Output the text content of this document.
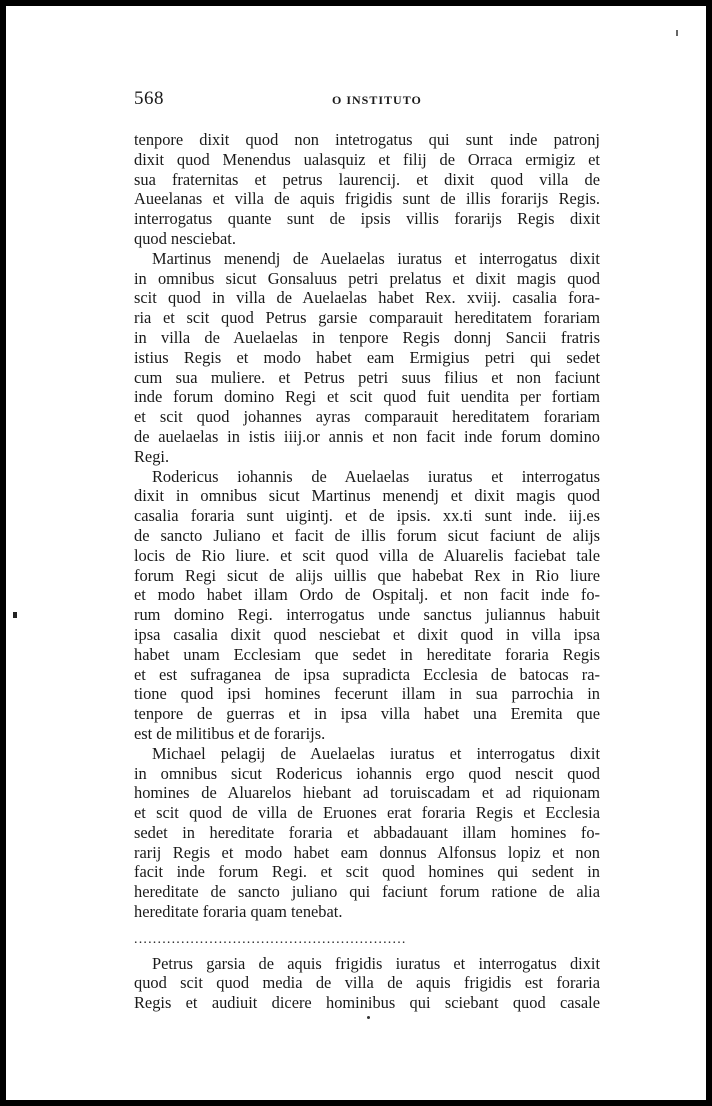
568	O INSTITUTO
tenpore dixit quod non intetrogatus qui sunt inde patronj
dixit quod Menendus ualasquiz et filij de Orraca ermigiz et
sua fraternitas et petrus laurencij. et dixit quod villa de
Aueelanas et villa de aquis frigidis sunt de illis forarijs Regis.
interrogatus quante sunt de ipsis villis forarijs Regis dixit
quod nesciebat.
Martinus menendj de Auelaelas iuratus et interrogatus dixit
in omnibus sicut Gonsaluus petri prelatus et dixit magis quod
scit quod in villa de Auelaelas habet Rex. xviij. casalia fora-
ria et scit quod Petrus garsie comparauit hereditatem forariam
in villa de Auelaelas in tenpore Regis donnj Sancii fratris
istius Regis et modo habet eam Ermigius petri qui sedet
cum sua muliere. et Petrus petri suus filius et non faciunt
inde forum domino Regi et scit quod fuit uendita per fortiam
et scit quod johannes ayras comparauit hereditatem forariam
de auelaelas in istis iiij.or annis et non facit inde forum domino
Regi.
Rodericus iohannis de Auelaelas iuratus et interrogatus
dixit in omnibus sicut Martinus menendj et dixit magis quod
casalia foraria sunt uigintj. et de ipsis. xx.ti sunt inde. iij.es
de sancto Juliano et facit de illis forum sicut faciunt de alijs
locis de Rio liure. et scit quod villa de Aluarelis faciebat tale
forum Regi sicut de alijs uillis que habebat Rex in Rio liure
et modo habet illam Ordo de Ospitalj. et non facit inde fo-
rum domino Regi. interrogatus unde sanctus juliannus habuit
ipsa casalia dixit quod nesciebat et dixit quod in villa ipsa
habet unam Ecclesiam que sedet in hereditate foraria Regis
et est sufraganea de ipsa supradicta Ecclesia de batocas ra-
tione quod ipsi homines fecerunt illam in sua parrochia in
tenpore de guerras et in ipsa villa habet una Eremita que
est de militibus et de forarijs.
Michael pelagij de Auelaelas iuratus et interrogatus dixit
in omnibus sicut Rodericus iohannis ergo quod nescit quod
homines de Aluarelos hiebant ad toruiscadam et ad riquionam
et scit quod de villa de Eruones erat foraria Regis et Ecclesia
sedet in hereditate foraria et abbadauant illam homines fo-
rarij Regis et modo habet eam donnus Alfonsus lopiz et non
facit inde forum Regi. et scit quod homines qui sedent in
hereditate de sancto juliano qui faciunt forum ratione de alia
hereditate foraria quam tenebat.
..........................................................
Petrus garsia de aquis frigidis iuratus et interrogatus dixit
quod scit quod media de villa de aquis frigidis est foraria
Regis et audiuit dicere hominibus qui sciebant quod casale
